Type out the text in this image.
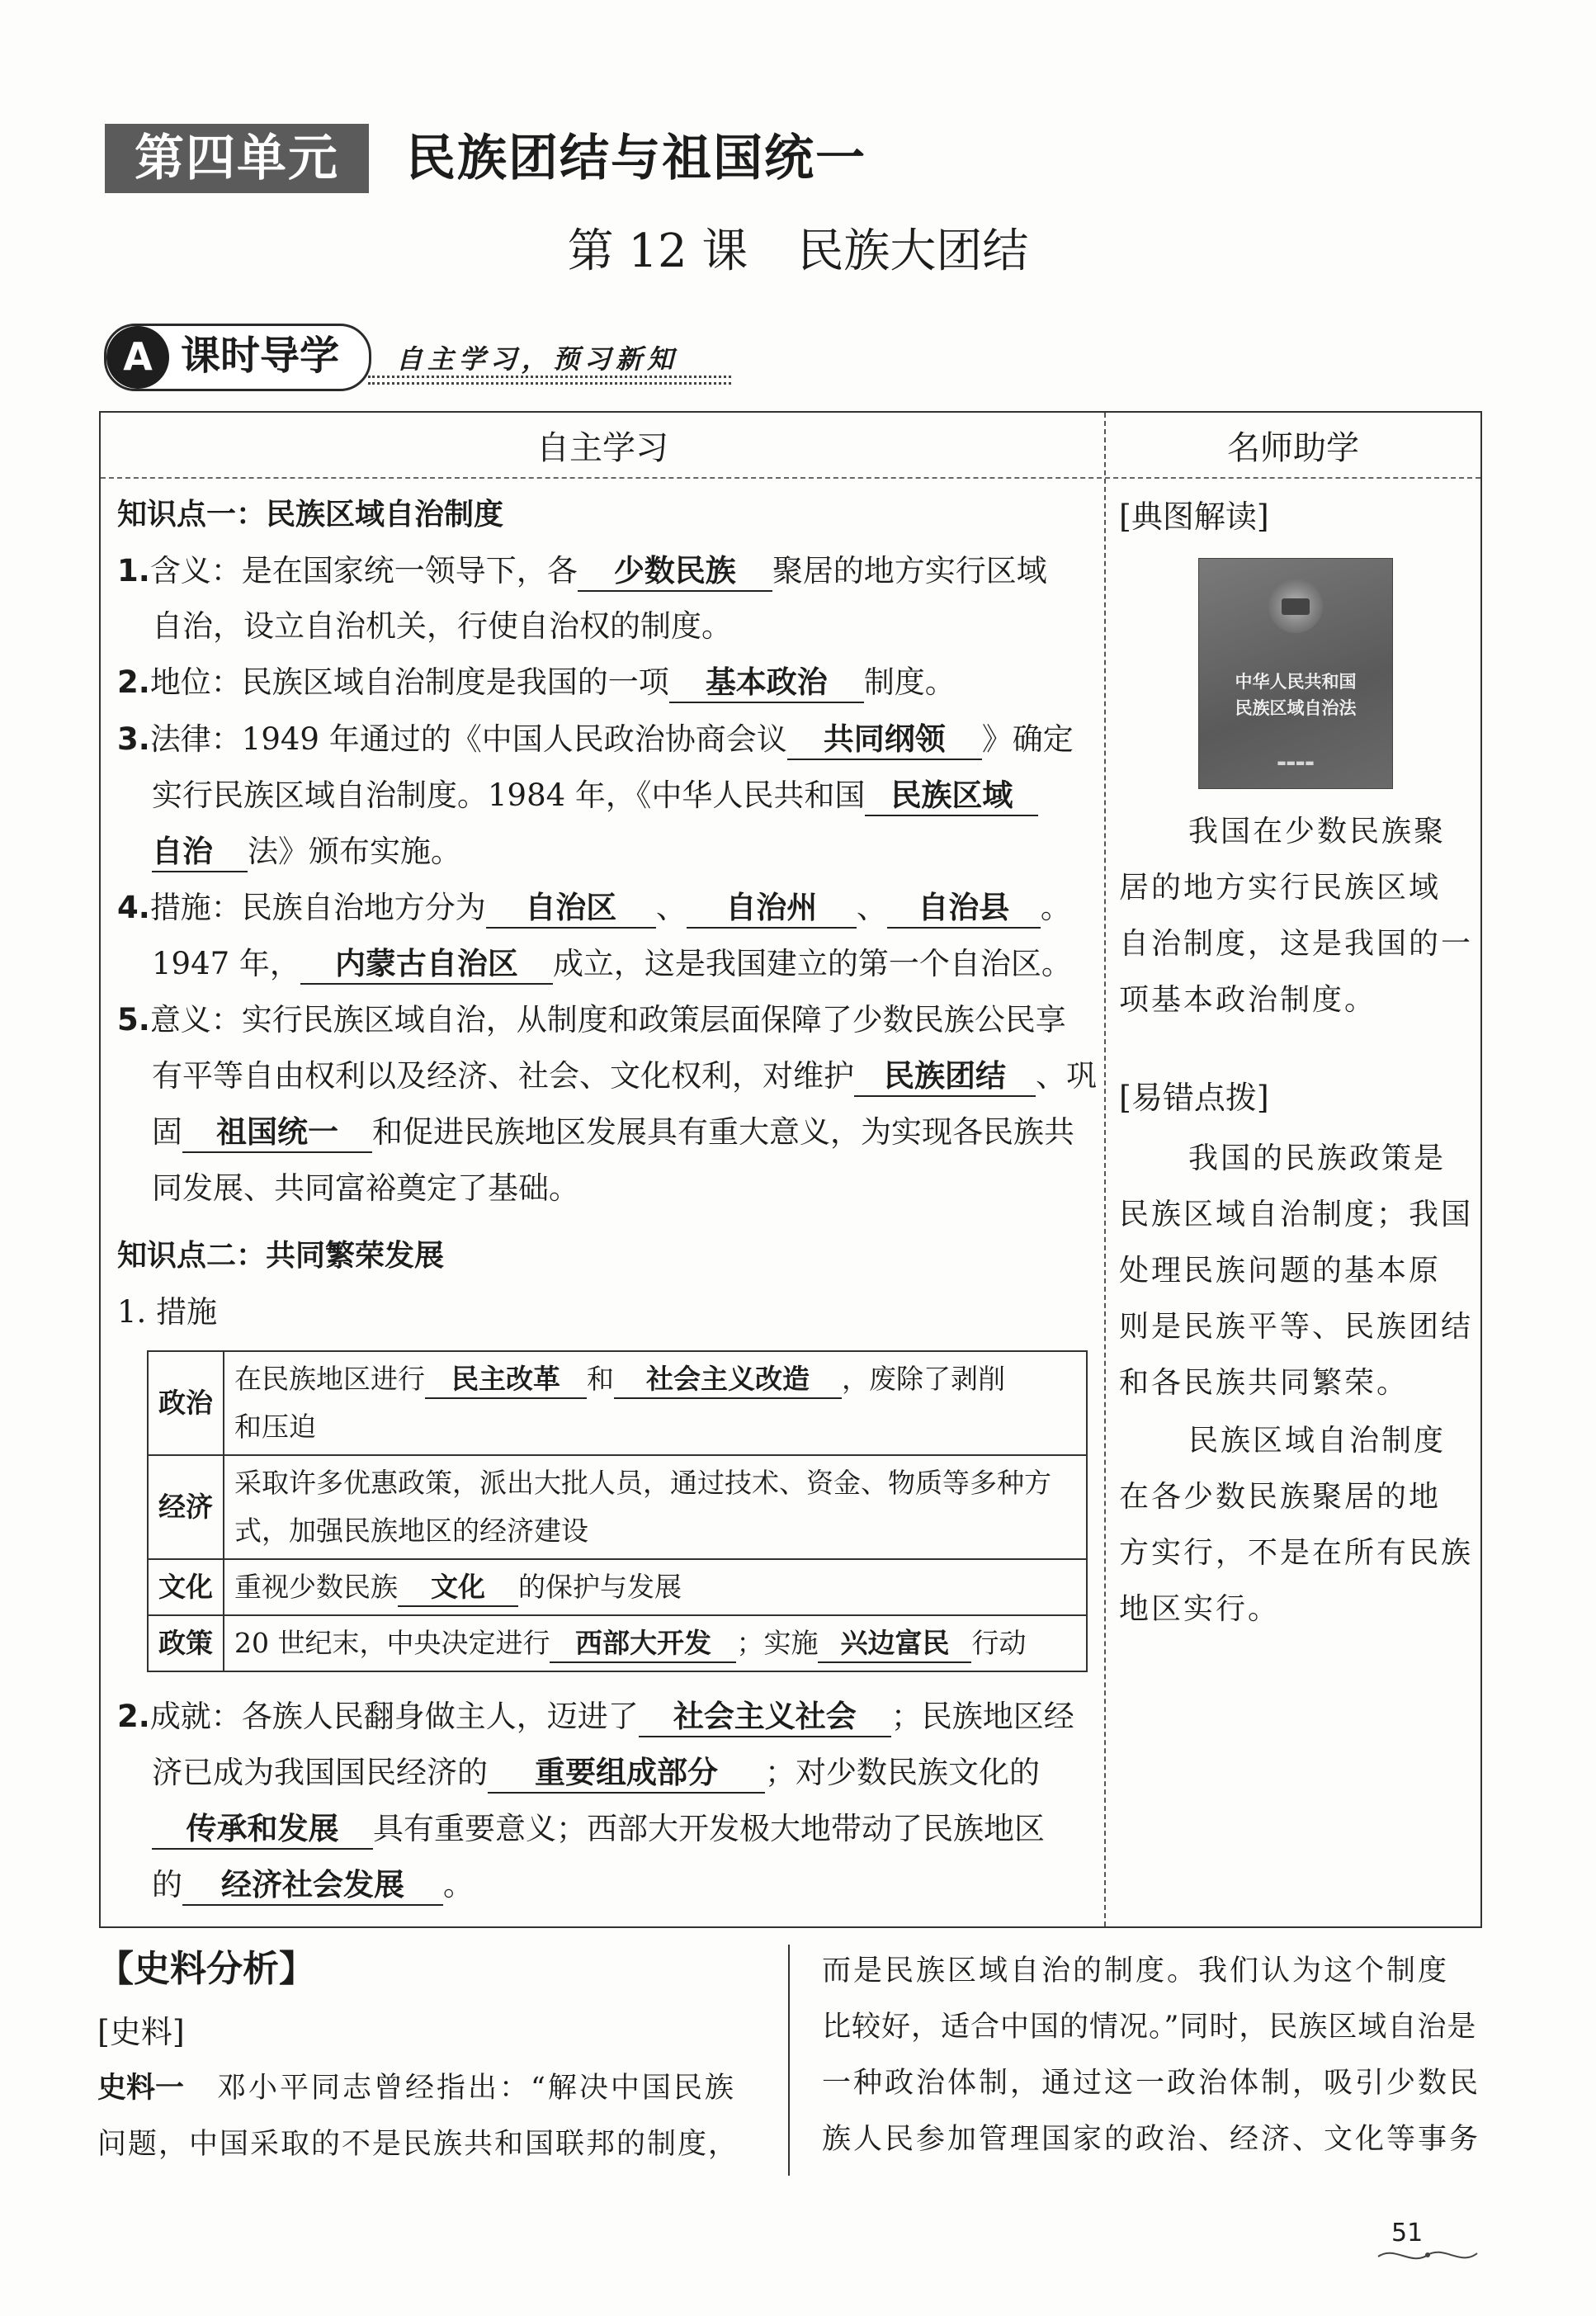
第四单元	民族团结与祖国统一
第 12 课 民族大团结
A 课时导学 自主学习，预习新知
自主学习	名师助学
知识点一：民族区域自治制度
1.含义：是在国家统一领导下，各 少数民族 聚居的地方实行区域
自治，设立自治机关，行使自治权的制度。
2.地位：民族区域自治制度是我国的一项 基本政治 制度。
3.法律：1949 年通过的《中国人民政治协商会议 共同纲领 》确定
实行民族区域自治制度。1984 年，《中华人民共和国 民族区域
自治 法》颁布实施。
4.措施：民族自治地方分为 自治区 、 自治州 、 自治县 。
1947 年， 内蒙古自治区 成立，这是我国建立的第一个自治区。
5.意义：实行民族区域自治，从制度和政策层面保障了少数民族公民享
有平等自由权利以及经济、社会、文化权利，对维护 民族团结 、巩
固 祖国统一 和促进民族地区发展具有重大意义，为实现各民族共
同发展、共同富裕奠定了基础。
知识点二：共同繁荣发展
1. 措施
政治	在民族地区进行 民主改革 和 社会主义改造 ，废除了剥削
和压迫
经济	采取许多优惠政策，派出大批人员，通过技术、资金、物质等多种方
式，加强民族地区的经济建设
文化	重视少数民族 文化 的保护与发展
政策	20 世纪末，中央决定进行 西部大开发 ；实施 兴边富民 行动
2.成就：各族人民翻身做主人，迈进了 社会主义社会 ；民族地区经
济已成为我国国民经济的 重要组成部分 ；对少数民族文化的
传承和发展 具有重要意义；西部大开发极大地带动了民族地区
的 经济社会发展 。
[典图解读]
中华人民共和国
民族区域自治法
▬▬▬▬
我国在少数民族聚
居的地方实行民族区域
自治制度，这是我国的一
项基本政治制度。
[易错点拨]
我国的民族政策是
民族区域自治制度；我国
处理民族问题的基本原
则是民族平等、民族团结
和各民族共同繁荣。
民族区域自治制度
在各少数民族聚居的地
方实行，不是在所有民族
地区实行。
【史料分析】
[史料]
史料一 邓小平同志曾经指出：“解决中国民族
问题，中国采取的不是民族共和国联邦的制度，
而是民族区域自治的制度。我们认为这个制度
比较好，适合中国的情况。”同时，民族区域自治是
一种政治体制，通过这一政治体制，吸引少数民
族人民参加管理国家的政治、经济、文化等事务
51
